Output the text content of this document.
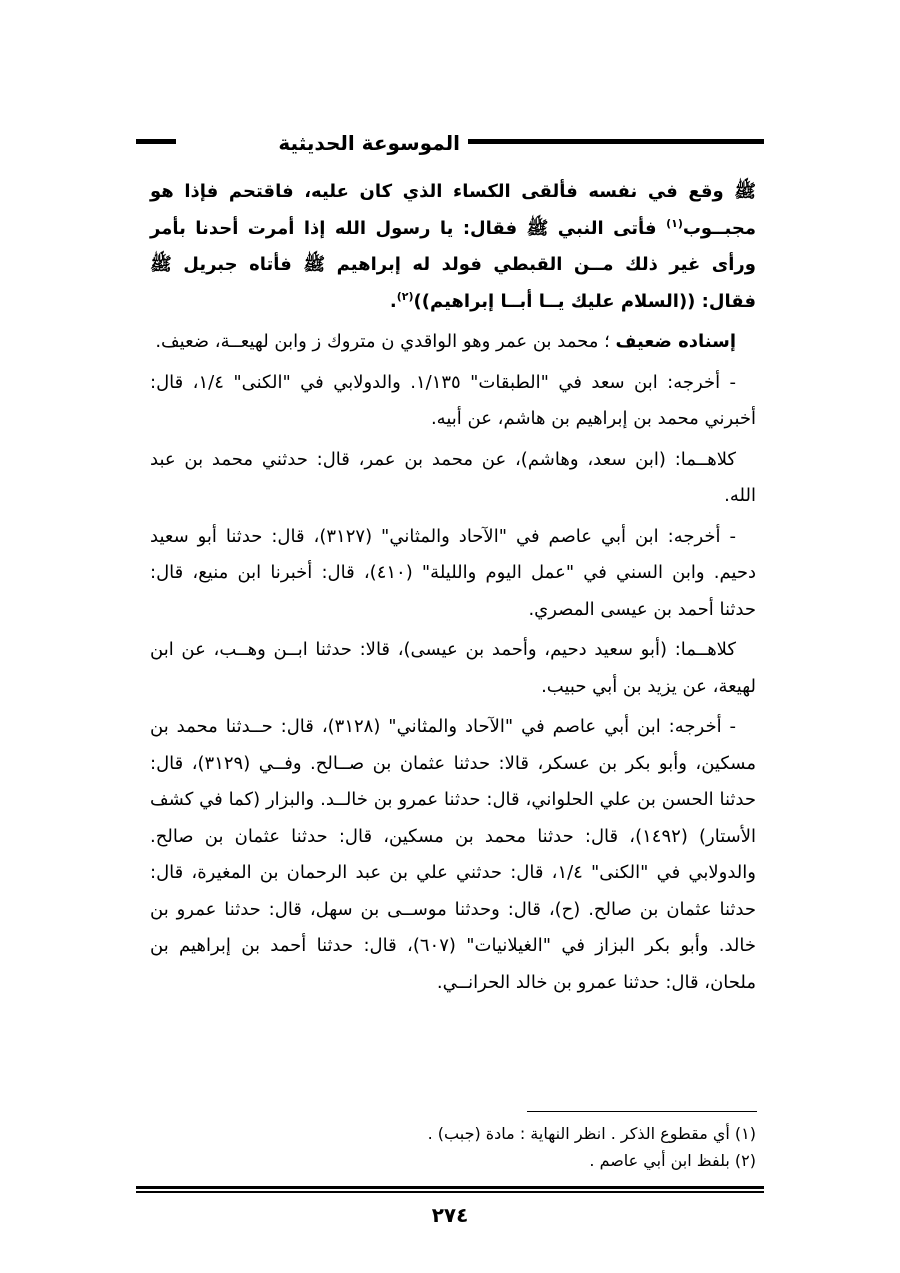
الموسوعة الحديثية

ﷺ وقع في نفسه فألقى الكساء الذي كان عليه، فاقتحم فإذا هو مجبــوب$^{(١)}$ فأتى النبي ﷺ فقال: يا رسول الله إذا أمرت أحدنا بأمر ورأى غير ذلك مــن القبطي فولد له إبراهيم ﷺ فأتاه جبريل ﷺ فقال: ((السلام عليك يــا أبــا إبراهيم))$^{(٢)}$.

إسناده ضعيف ؛ محمد بن عمر وهو الواقدي ن متروك ز وابن لهيعــة، ضعيف.

- أخرجه: ابن سعد في "الطبقات" ١/١٣٥. والدولابي في "الكنى" ١/٤، قال: أخبرني محمد بن إبراهيم بن هاشم، عن أبيه.

كلاهــما: (ابن سعد، وهاشم)، عن محمد بن عمر، قال: حدثني محمد بن عبد الله.

- أخرجه: ابن أبي عاصم في "الآحاد والمثاني" (٣١٢٧)، قال: حدثنا أبو سعيد دحيم. وابن السني في "عمل اليوم والليلة" (٤١٠)، قال: أخبرنا ابن منيع، قال: حدثنا أحمد بن عيسى المصري.

كلاهــما: (أبو سعيد دحيم، وأحمد بن عيسى)، قالا: حدثنا ابــن وهــب، عن ابن لهيعة، عن يزيد بن أبي حبيب.

- أخرجه: ابن أبي عاصم في "الآحاد والمثاني" (٣١٢٨)، قال: حــدثنا محمد بن مسكين، وأبو بكر بن عسكر، قالا: حدثنا عثمان بن صــالح. وفــي (٣١٢٩)، قال: حدثنا الحسن بن علي الحلواني، قال: حدثنا عمرو بن خالــد. والبزار (كما في كشف الأستار) (١٤٩٢)، قال: حدثنا محمد بن مسكين، قال: حدثنا عثمان بن صالح. والدولابي في "الكنى" ١/٤، قال: حدثني علي بن عبد الرحمان بن المغيرة، قال: حدثنا عثمان بن صالح. (ح)، قال: وحدثنا موســى بن سهل، قال: حدثنا عمرو بن خالد. وأبو بكر البزاز في "الغيلانيات" (٦٠٧)، قال: حدثنا أحمد بن إبراهيم بن ملحان، قال: حدثنا عمرو بن خالد الحرانــي.

(١) أي مقطوع الذكر . انظر النهاية : مادة (جبب) .

(٢) بلفظ ابن أبي عاصم .

٢٧٤
